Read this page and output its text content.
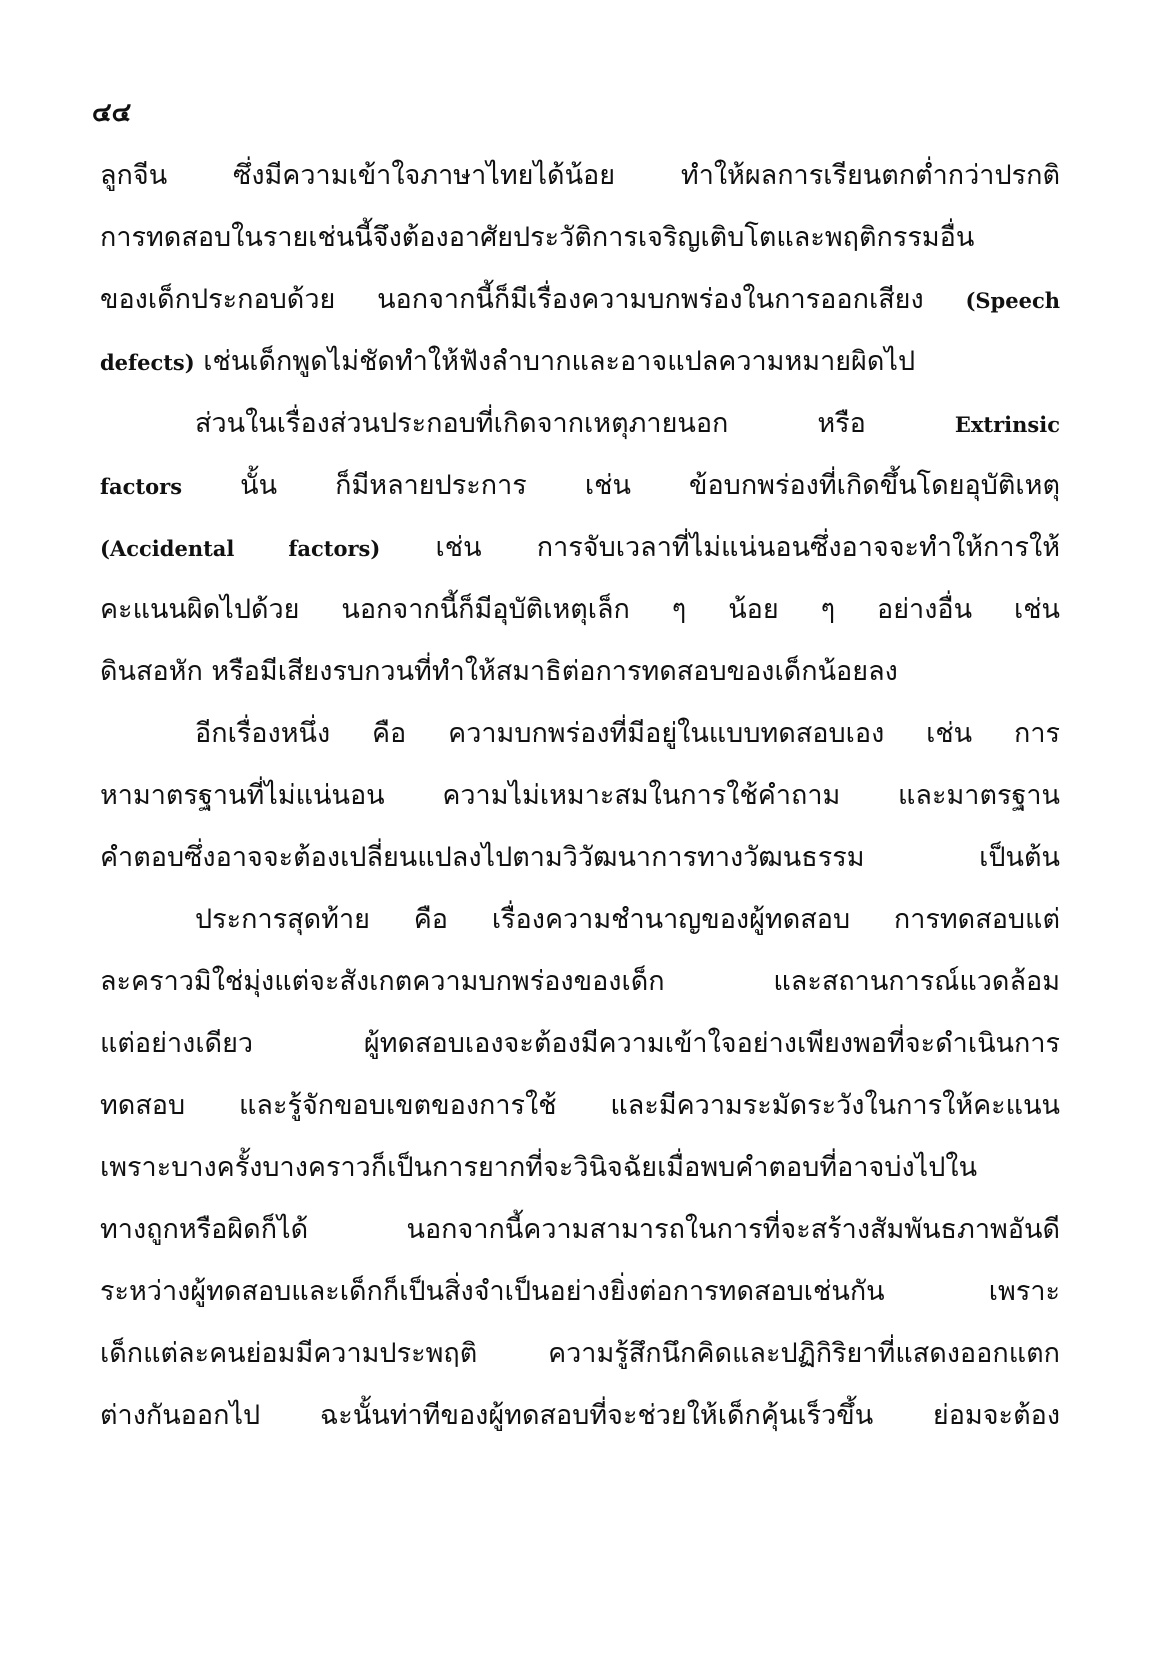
๔๔
ลูกจีน ซึ่งมีความเข้าใจภาษาไทยได้น้อย ทำให้ผลการเรียนตกต่ำกว่าปรกติ
การทดสอบในรายเช่นนี้จึงต้องอาศัยประวัติการเจริญเติบโตและพฤติกรรมอื่น
ของเด็กประกอบด้วย นอกจากนี้ก็มีเรื่องความบกพร่องในการออกเสียง (Speech
defects) เช่นเด็กพูดไม่ชัดทำให้ฟังลำบากและอาจแปลความหมายผิดไป
ส่วนในเรื่องส่วนประกอบที่เกิดจากเหตุภายนอก หรือ Extrinsic
factors นั้น ก็มีหลายประการ เช่น ข้อบกพร่องที่เกิดขึ้นโดยอุบัติเหตุ
(Accidental factors) เช่น การจับเวลาที่ไม่แน่นอนซึ่งอาจจะทำให้การให้
คะแนนผิดไปด้วย นอกจากนี้ก็มีอุบัติเหตุเล็ก ๆ น้อย ๆ อย่างอื่น เช่น
ดินสอหัก หรือมีเสียงรบกวนที่ทำให้สมาธิต่อการทดสอบของเด็กน้อยลง
อีกเรื่องหนึ่ง คือ ความบกพร่องที่มีอยู่ในแบบทดสอบเอง เช่น การ
หามาตรฐานที่ไม่แน่นอน ความไม่เหมาะสมในการใช้คำถาม และมาตรฐาน
คำตอบซึ่งอาจจะต้องเปลี่ยนแปลงไปตามวิวัฒนาการทางวัฒนธรรม เป็นต้น
ประการสุดท้าย คือ เรื่องความชำนาญของผู้ทดสอบ การทดสอบแต่
ละคราวมิใช่มุ่งแต่จะสังเกตความบกพร่องของเด็ก และสถานการณ์แวดล้อม
แต่อย่างเดียว ผู้ทดสอบเองจะต้องมีความเข้าใจอย่างเพียงพอที่จะดำเนินการ
ทดสอบ และรู้จักขอบเขตของการใช้ และมีความระมัดระวังในการให้คะแนน
เพราะบางครั้งบางคราวก็เป็นการยากที่จะวินิจฉัยเมื่อพบคำตอบที่อาจบ่งไปใน
ทางถูกหรือผิดก็ได้ นอกจากนี้ความสามารถในการที่จะสร้างสัมพันธภาพอันดี
ระหว่างผู้ทดสอบและเด็กก็เป็นสิ่งจำเป็นอย่างยิ่งต่อการทดสอบเช่นกัน เพราะ
เด็กแต่ละคนย่อมมีความประพฤติ ความรู้สึกนึกคิดและปฏิกิริยาที่แสดงออกแตก
ต่างกันออกไป ฉะนั้นท่าทีของผู้ทดสอบที่จะช่วยให้เด็กคุ้นเร็วขึ้น ย่อมจะต้อง
